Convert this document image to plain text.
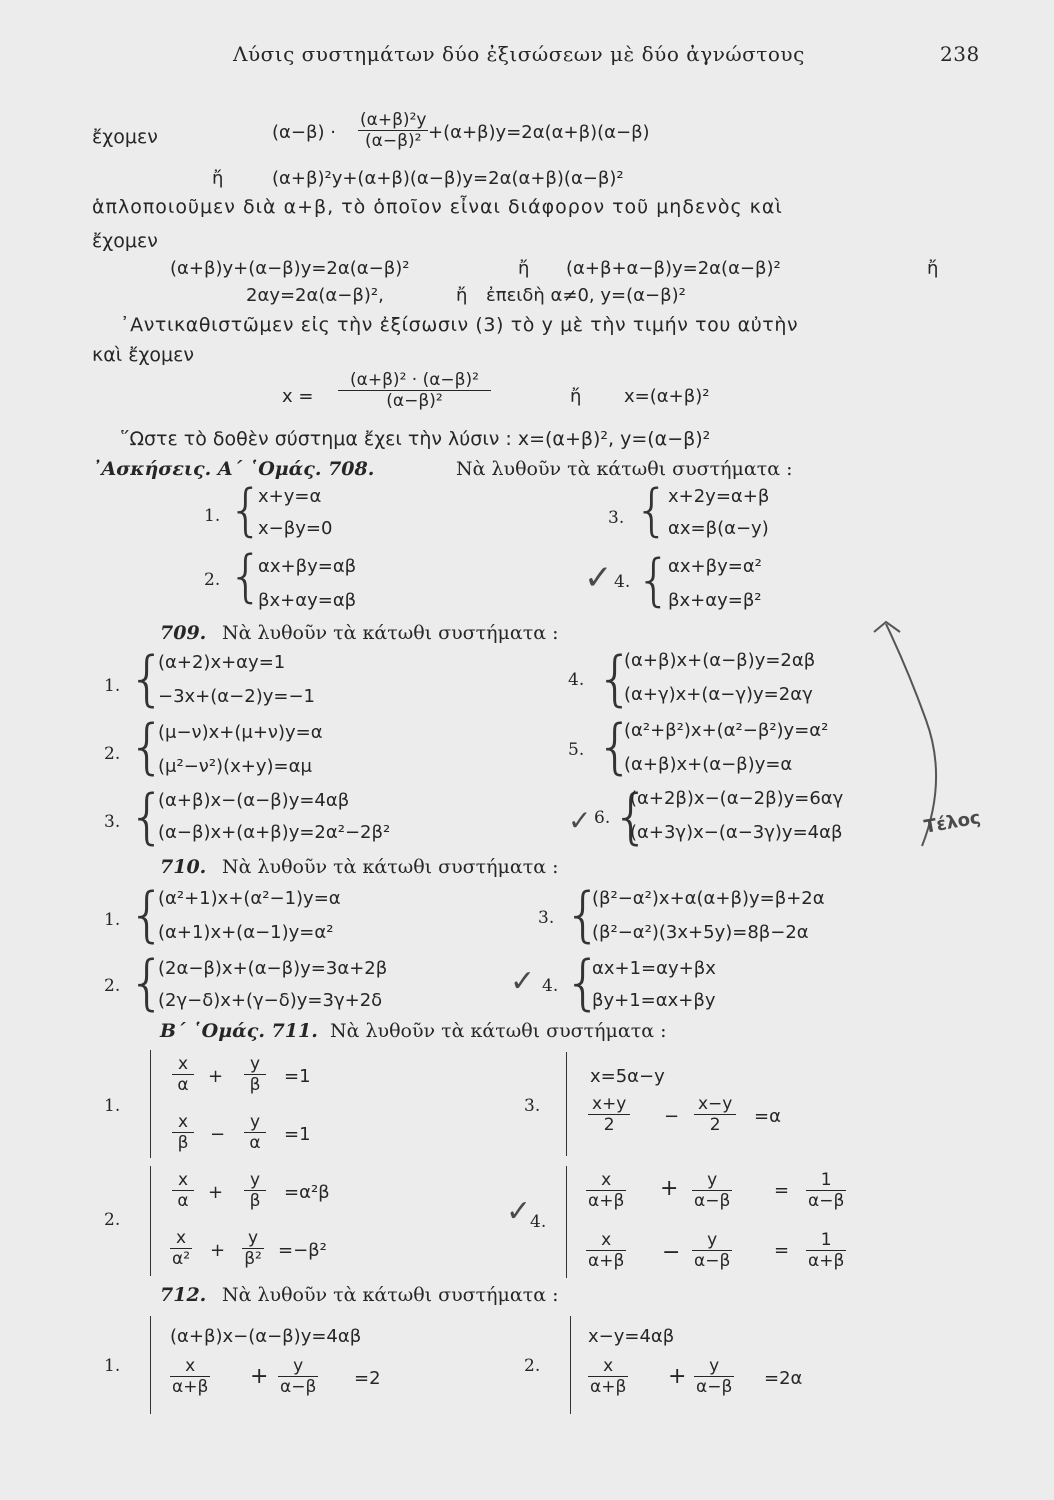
Λύσις συστημάτων δύο ἐξισώσεων μὲ δύο ἀγνώστους	238
ἔχομεν	$(\alpha-\beta) \cdot \frac{\text{(α+β)²y}}{\text{(α−β)²}} +(\alpha+\beta)y=2\alpha(\alpha+\beta)(\alpha-\beta)$
ἤ	(α+β)²y+(α+β)(α−β)y=2α(α+β)(α−β)²
ἁπλοποιοῦμεν διὰ α+β, τὸ ὁποῖον εἶναι διάφορον τοῦ μηδενὸς καὶ
ἔχομεν
(α+β)y+(α−β)y=2α(α−β)²	ἤ (α+β+α−β)y=2α(α−β)²	ἤ
2αy=2α(α−β)²,	ἤ ἐπειδὴ α≠0, y=(α−β)²
᾿Αντικαθιστῶμεν εἰς τὴν ἐξίσωσιν (3) τὸ y μὲ τὴν τιμήν του αὐτὴν
καὶ ἔχομεν
$x = \frac{\text{(α+β)² · (α−β)²}}{\text{(α−β)²}}$	ἤ x=(α+β)²
῞Ωστε τὸ δοθὲν σύστημα ἔχει τὴν λύσιν : x=(α+β)², y=(α−β)²
᾿Ασκήσεις. Α΄ ῾Ομάς. 708.	Νὰ λυθοῦν τὰ κάτωθι συστήματα :
1. {
x+y=α
x−βy=0
2. {
αx+βy=αβ
βx+αy=αβ
3. {
x+2y=α+β
αx=β(α−y)
✓ 4. {
αx+βy=α²
βx+αy=β²
709. Νὰ λυθοῦν τὰ κάτωθι συστήματα :
1. {
(α+2)x+αy=1
−3x+(α−2)y=−1
2. {
(μ−ν)x+(μ+ν)y=α
(μ²−ν²)(x+y)=αμ
3. {
(α+β)x−(α−β)y=4αβ
(α−β)x+(α+β)y=2α²−2β²
4. {
(α+β)x+(α−β)y=2αβ
(α+γ)x+(α−γ)y=2αγ
5. {
(α²+β²)x+(α²−β²)y=α²
(α+β)x+(α−β)y=α
✓ 6. {
(α+2β)x−(α−2β)y=6αγ
(α+3γ)x−(α−3γ)y=4αβ	Τέλος
710. Νὰ λυθοῦν τὰ κάτωθι συστήματα :
1. {
(α²+1)x+(α²−1)y=α
(α+1)x+(α−1)y=α²
2. {
(2α−β)x+(α−β)y=3α+2β
(2γ−δ)x+(γ−δ)y=3γ+2δ
3. {
(β²−α²)x+α(α+β)y=β+2α
(β²−α²)(3x+5y)=8β−2α
✓ 4. {
αx+1=αy+βx
βy+1=αx+βy
Β΄ ῾Ομάς. 711. Νὰ λυθοῦν τὰ κάτωθι συστήματα :
1.
$\frac{x}{\alpha} + \frac{y}{\beta} =1$
$\frac{x}{\beta} - \frac{y}{\alpha} =1$
2.
$\frac{x}{\alpha} + \frac{y}{\beta} =\alpha^2\beta$
$\frac{x}{\text{α²}} + \frac{y}{\text{β²}} =-\beta^2$
3.
x=5α−y
$\frac{x+y}{2} - \frac{x-y}{2} =\alpha$
✓
4.
$\frac{x}{\alpha+\beta} + \frac{y}{\alpha-\beta} = \frac{1}{\alpha-\beta}$
$\frac{x}{\alpha+\beta} - \frac{y}{\alpha-\beta} = \frac{1}{\alpha+\beta}$
712. Νὰ λυθοῦν τὰ κάτωθι συστήματα :
1.
(α+β)x−(α−β)y=4αβ
$\frac{x}{\alpha+\beta} + \frac{y}{\alpha-\beta} =2$
2.
x−y=4αβ
$\frac{x}{\alpha+\beta} + \frac{y}{\alpha-\beta} =2\alpha$
